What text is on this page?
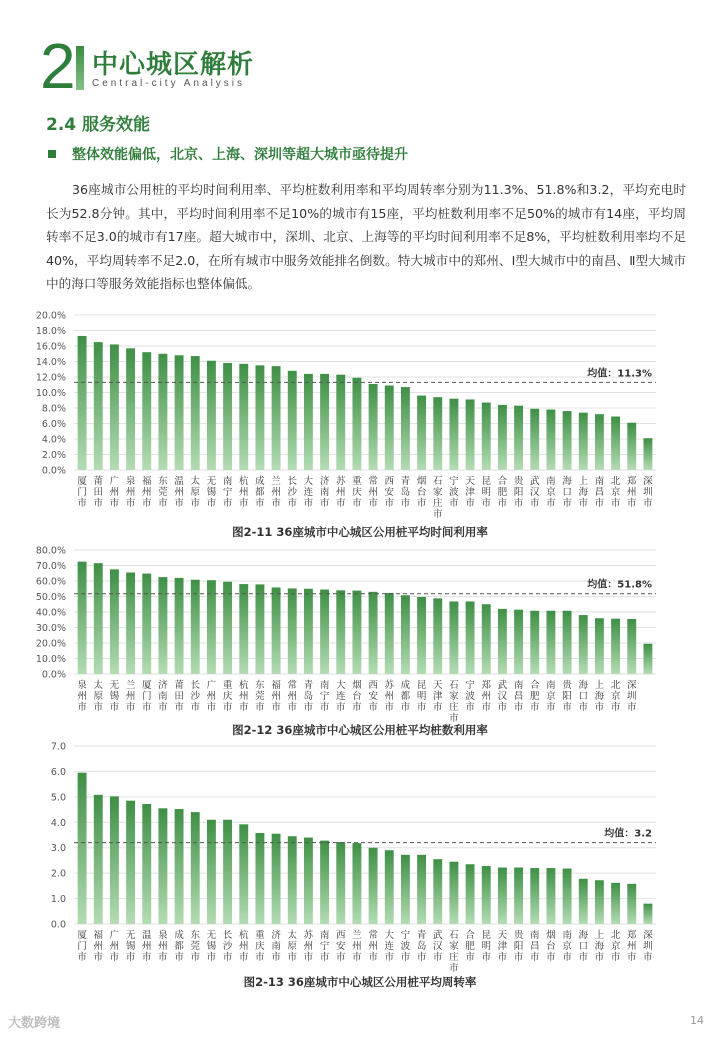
2 中心城区解析
Central-city Analysis
2.4 服务效能
整体效能偏低，北京、上海、深圳等超大城市亟待提升
36座城市公用桩的平均时间利用率、平均桩数利用率和平均周转率分别为11.3%、51.8%和3.2，平均充电时长为52.8分钟。其中，平均时间利用率不足10%的城市有15座，平均桩数利用率不足50%的城市有14座，平均周转率不足3.0的城市有17座。超大城市中，深圳、北京、上海等的平均时间利用率不足8%，平均桩数利用率均不足40%，平均周转率不足2.0，在所有城市中服务效能排名倒数。特大城市中的郑州、Ⅰ型大城市中的南昌、Ⅱ型大城市中的海口等服务效能指标也整体偏低。
0.0%
2.0%
4.0%
6.0%
8.0%
10.0%
12.0%
14.0%
16.0%
18.0%
20.0%
厦
门
市
莆
田
市
广
州
市
泉
州
市
福
州
市
东
莞
市
温
州
市
太
原
市
无
锡
市
南
宁
市
杭
州
市
成
都
市
兰
州
市
长
沙
市
大
连
市
济
南
市
苏
州
市
重
庆
市
常
州
市
西
安
市
青
岛
市
烟
台
市
石
家
庄
市
宁
波
市
天
津
市
昆
明
市
合
肥
市
贵
阳
市
武
汉
市
南
京
市
海
口
市
上
海
市
南
昌
市
北
京
市
郑
州
市
深
圳
市
均值：11.3%
图2-11 36座城市中心城区公用桩平均时间利用率
0.0%
10.0%
20.0%
30.0%
40.0%
50.0%
60.0%
70.0%
80.0%
泉
州
市
太
原
市
无
锡
市
兰
州
市
厦
门
市
济
南
市
莆
田
市
长
沙
市
广
州
市
重
庆
市
杭
州
市
东
莞
市
福
州
市
常
州
市
青
岛
市
南
宁
市
大
连
市
烟
台
市
西
安
市
苏
州
市
成
都
市
昆
明
市
天
津
市
石
家
庄
市
宁
波
市
郑
州
市
武
汉
市
南
昌
市
合
肥
市
南
京
市
贵
阳
市
海
口
市
上
海
市
北
京
市
深
圳
市
均值：51.8%
图2-12 36座城市中心城区公用桩平均桩数利用率
0.0
1.0
2.0
3.0
4.0
5.0
6.0
7.0
厦
门
市
福
州
市
广
州
市
无
锡
市
温
州
市
泉
州
市
成
都
市
东
莞
市
无
锡
市
长
沙
市
杭
州
市
重
庆
市
济
南
市
太
原
市
苏
州
市
南
宁
市
西
安
市
兰
州
市
常
州
市
大
连
市
宁
波
市
青
岛
市
武
汉
市
石
家
庄
市
合
肥
市
昆
明
市
天
津
市
贵
阳
市
南
昌
市
烟
台
市
南
京
市
海
口
市
上
海
市
北
京
市
郑
州
市
深
圳
市
均值：3.2
图2-13 36座城市中心城区公用桩平均周转率
大数跨境	14
